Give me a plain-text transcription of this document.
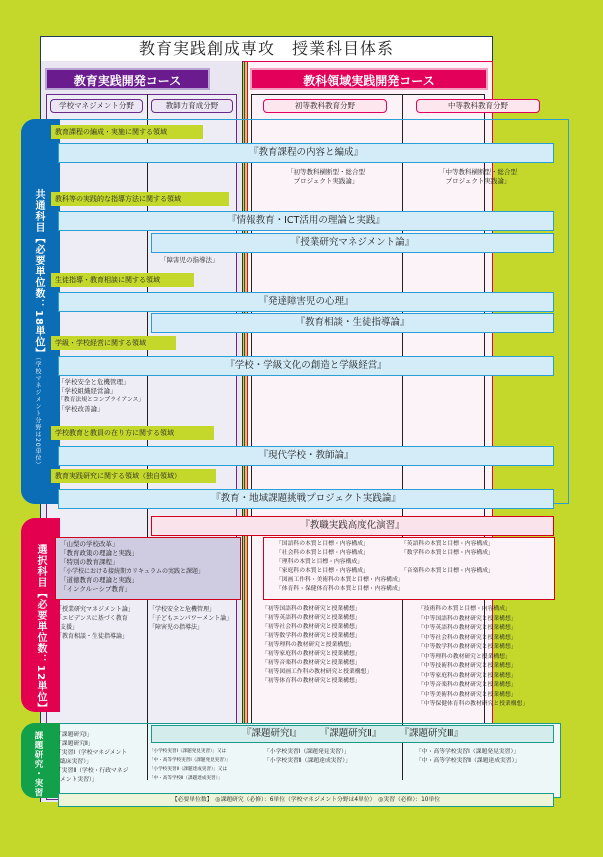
教育実践創成専攻　授業科目体系
教育実践開発コース	教科領域実践開発コース
学校マネジメント分野	教師力育成分野	初等教科教育分野	中等教科教育分野
共通科目【必要単位数：18単位】
（学校マネジメント分野は20単位）
教育課程の編成・実施に関する領域
『教育課程の内容と編成』
「初等教科横断型・総合型
プロジェクト実践論」
「中等教科横断型・総合型
プロジェクト実践論」
教科等の実践的な指導方法に関する領域
『情報教育・ICT活用の理論と実践』
『授業研究マネジメント論』
「障害児の指導法」
生徒指導・教育相談に関する領域
『発達障害児の心理』
『教育相談・生徒指導論』
学級・学校経営に関する領域
『学校・学級文化の創造と学級経営』
「学校安全と危機管理」
「学校組織経営論」
「教育法規とコンプライアンス」
「学校改善論」
学校教育と教員の在り方に関する領域
『現代学校・教師論』
教育実践研究に関する領域（独自領域）
『教育・地域課題挑戦プロジェクト実践論』
選択科目【必要単位数：12単位】
『教職実践高度化演習』
「山梨の学校改革」
「教育政策の理論と実践」
「特別の教育課程」
「小学校における接続期カリキュラムの実践と課題」
「道徳教育の理論と実践」
「インクルーシブ教育」
「授業研究マネジメント論」
「エビデンスに基づく教育
支援」
「教育相談・生徒指導論」
「学校安全と危機管理」
「子どもエンパワーメント論」
「障害児の指導法」
「国語科の本質と目標・内容構成」	「英語科の本質と目標・内容構成」
「社会科の本質と目標・内容構成」	「数学科の本質と目標・内容構成」
「理科の本質と目標・内容構成」
「家庭科の本質と目標・内容構成」	「音楽科の本質と目標・内容構成」
「図画工作科・美術科の本質と目標・内容構成」
「体育科・保健体育科の本質と目標・内容構成」
「初等国語科の教材研究と授業構想」
「初等英語科の教材研究と授業構想」
「初等社会科の教材研究と授業構想」
「初等数学科の教材研究と授業構想」
「初等理科の教材研究と授業構想」
「初等家庭科の教材研究と授業構想」
「初等音楽科の教材研究と授業構想」
「初等図画工作科の教材研究と授業構想」
「初等体育科の教材研究と授業構想」
「技術科の本質と目標・内容構成」
「中等国語科の教材研究と授業構想」
「中等英語科の教材研究と授業構想」
「中等社会科の教材研究と授業構想」
「中等数学科の教材研究と授業構想」
「中等理科の教材研究と授業構想」
「中等技術科の教材研究と授業構想」
「中等家庭科の教材研究と授業構想」
「中等音楽科の教材研究と授業構想」
「中等美術科の教材研究と授業構想」
「中等保健体育科の教材研究と授業構想」
課題研究・実習 「課題研究Ⅰ」
「課題研究Ⅱ」
「実習Ⅰ（学校マネジメント
臨床実習）」
「実習Ⅱ（学校・行政マネジ
メント実習）」
『課題研究Ⅰ』 『課題研究Ⅱ』 『課題研究Ⅲ』
「小学校実習Ⅰ（課題発見実習）」又は
「中・高等学校実習Ⅰ（課題発見実習）」
「小学校実習Ⅱ（課題達成実習）」又は
「中・高等学校Ⅱ（課題達成実習）」
「小学校実習Ⅰ（課題発見実習）」
「小学校実習Ⅱ（課題達成実習）」
「中・高等学校実習Ⅰ（課題発見実習）」
「中・高等学校実習Ⅱ（課題達成実習）」
【必要単位数】　◎課題研究（必修）：6単位（学校マネジメント分野は4単位）　◎実習（必修）：10単位
